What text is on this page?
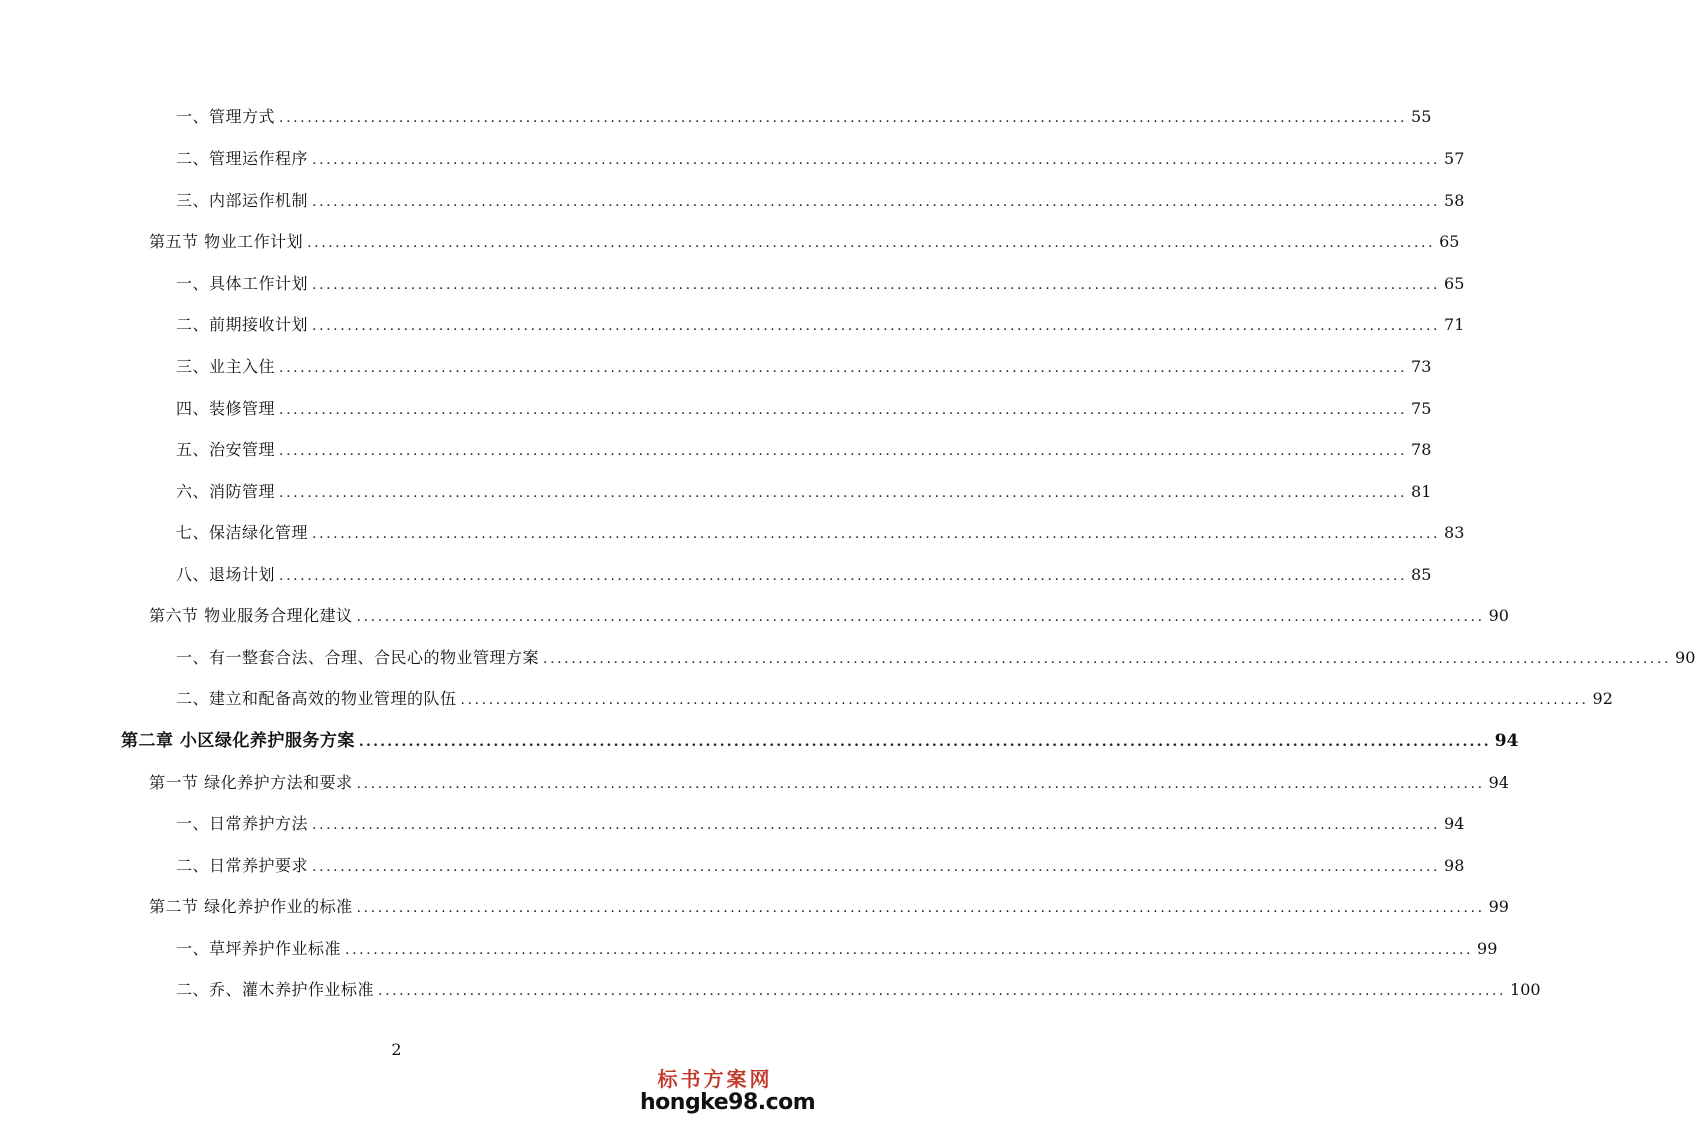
一、管理方式 .....	55
二、管理运作程序 .....	57
三、内部运作机制 .....	58
第五节 物业工作计划 .....	65
一、具体工作计划 .....	65
二、前期接收计划 .....	71
三、业主入住 .....	73
四、装修管理 .....	75
五、治安管理 .....	78
六、消防管理 .....	81
七、保洁绿化管理 .....	83
八、退场计划 .....	85
第六节 物业服务合理化建议 .....	90
一、有一整套合法、合理、合民心的物业管理方案 .....	90
二、建立和配备高效的物业管理的队伍 .....	92
第二章 小区绿化养护服务方案 .....	94
第一节 绿化养护方法和要求 .....	94
一、日常养护方法 .....	94
二、日常养护要求 .....	98
第二节 绿化养护作业的标准 .....	99
一、草坪养护作业标准 .....	99
二、乔、灌木养护作业标准 .....	100
2
标书方案网
hongke98.com
